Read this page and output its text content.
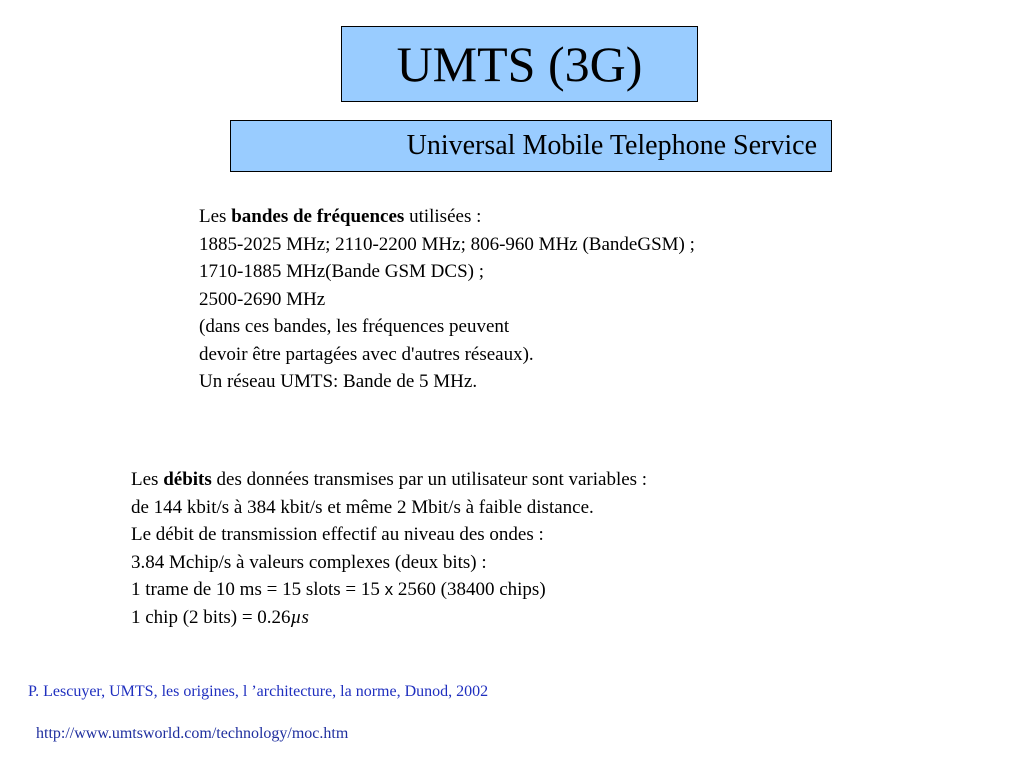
UMTS (3G)
Universal Mobile Telephone Service
Les bandes de fréquences utilisées :
1885-2025 MHz; 2110-2200 MHz; 806-960 MHz (BandeGSM) ;
1710-1885 MHz(Bande GSM DCS) ;
2500-2690 MHz
(dans ces bandes, les fréquences peuvent
devoir être partagées avec d'autres réseaux).
Un réseau UMTS: Bande de 5 MHz.
Les débits des données transmises par un utilisateur sont variables :
de 144 kbit/s à 384 kbit/s et même 2 Mbit/s à faible distance.
Le débit de transmission effectif au niveau des ondes :
3.84 Mchip/s à valeurs complexes (deux bits) :
1 trame de 10 ms = 15 slots = 15 x 2560 (38400 chips)
1 chip (2 bits) = 0.26µs
P. Lescuyer, UMTS, les origines, l ’architecture, la norme, Dunod, 2002
http://www.umtsworld.com/technology/moc.htm
